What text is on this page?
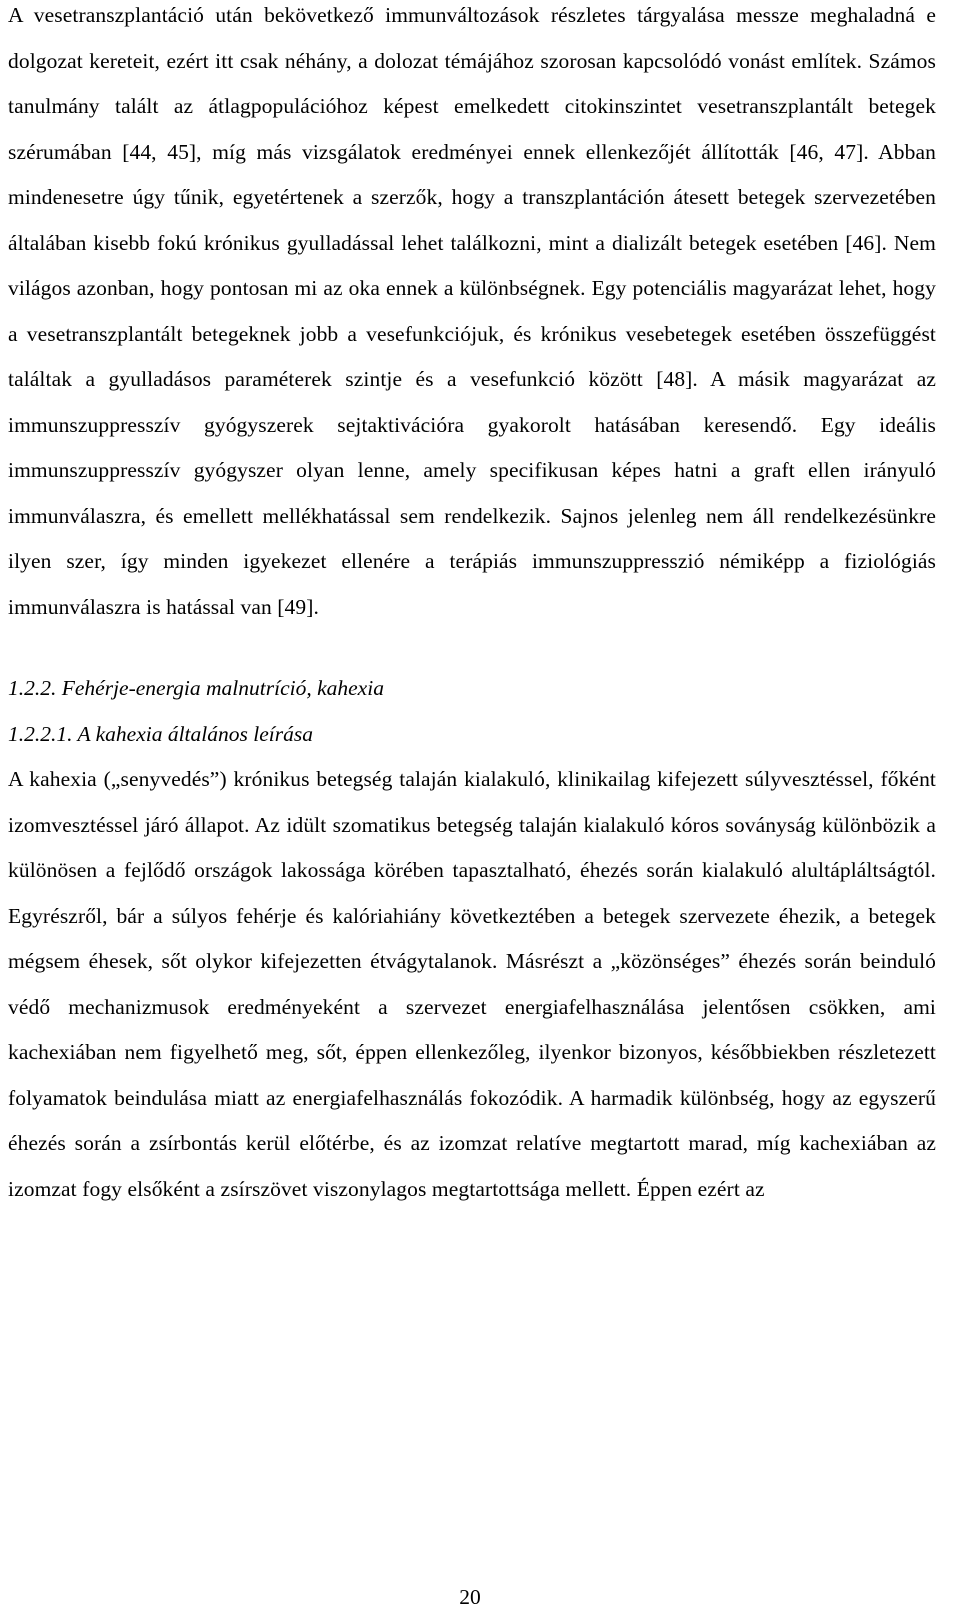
A vesetranszplantáció után bekövetkező immunváltozások részletes tárgyalása messze meghaladná e dolgozat kereteit, ezért itt csak néhány, a dolozat témájához szorosan kapcsolódó vonást említek. Számos tanulmány talált az átlagpopulációhoz képest emelkedett citokinszintet vesetranszplantált betegek szérumában [44, 45], míg más vizsgálatok eredményei ennek ellenkezőjét állították [46, 47]. Abban mindenesetre úgy tűnik, egyetértenek a szerzők, hogy a transzplantáción átesett betegek szervezetében általában kisebb fokú krónikus gyulladással lehet találkozni, mint a dializált betegek esetében [46]. Nem világos azonban, hogy pontosan mi az oka ennek a különbségnek. Egy potenciális magyarázat lehet, hogy a vesetranszplantált betegeknek jobb a vesefunkciójuk, és krónikus vesebetegek esetében összefüggést találtak a gyulladásos paraméterek szintje és a vesefunkció között [48]. A másik magyarázat az immunszuppresszív gyógyszerek sejtaktivációra gyakorolt hatásában keresendő. Egy ideális immunszuppresszív gyógyszer olyan lenne, amely specifikusan képes hatni a graft ellen irányuló immunválaszra, és emellett mellékhatással sem rendelkezik. Sajnos jelenleg nem áll rendelkezésünkre ilyen szer, így minden igyekezet ellenére a terápiás immunszuppresszió némiképp a fiziológiás immunválaszra is hatással van [49].

1.2.2. Fehérje-energia malnutríció, kahexia

1.2.2.1. A kahexia általános leírása

A kahexia („senyvedés”) krónikus betegség talaján kialakuló, klinikailag kifejezett súlyvesztéssel, főként izomvesztéssel járó állapot. Az idült szomatikus betegség talaján kialakuló kóros soványság különbözik a különösen a fejlődő országok lakossága körében tapasztalható, éhezés során kialakuló alultápláltságtól. Egyrészről, bár a súlyos fehérje és kalóriahiány következtében a betegek szervezete éhezik, a betegek mégsem éhesek, sőt olykor kifejezetten étvágytalanok. Másrészt a „közönséges” éhezés során beinduló védő mechanizmusok eredményeként a szervezet energiafelhasználása jelentősen csökken, ami kachexiában nem figyelhető meg, sőt, éppen ellenkezőleg, ilyenkor bizonyos, későbbiekben részletezett folyamatok beindulása miatt az energiafelhasználás fokozódik. A harmadik különbség, hogy az egyszerű éhezés során a zsírbontás kerül előtérbe, és az izomzat relatíve megtartott marad, míg kachexiában az izomzat fogy elsőként a zsírszövet viszonylagos megtartottsága mellett. Éppen ezért az

20
